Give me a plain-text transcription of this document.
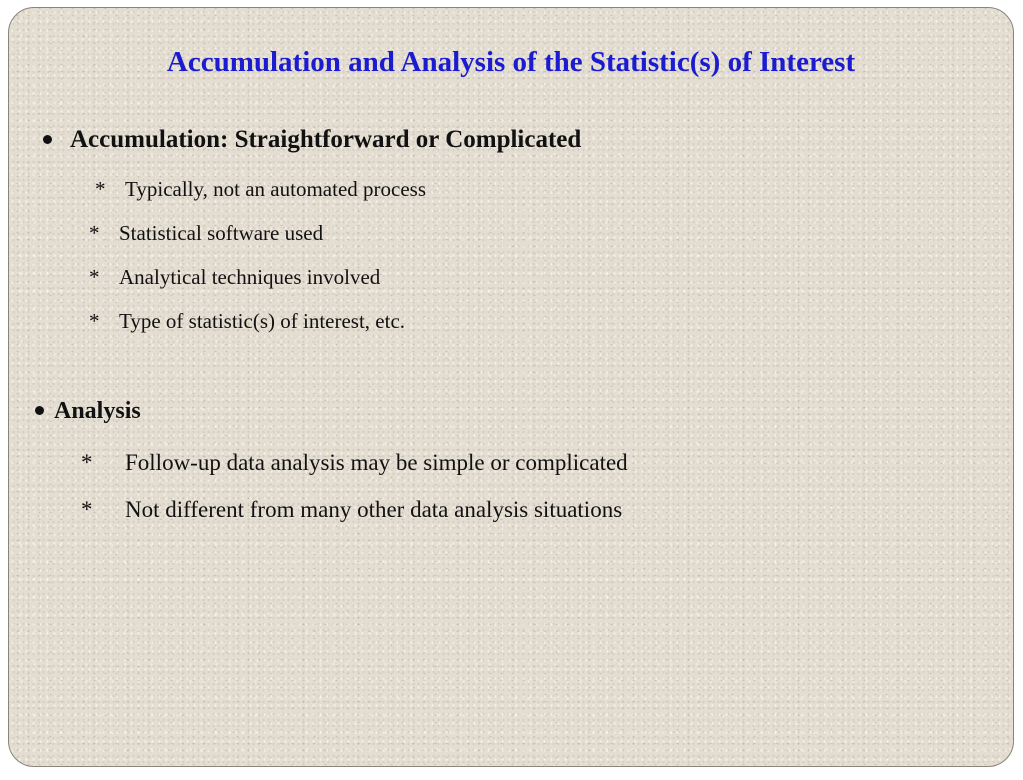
Accumulation and Analysis of the Statistic(s) of Interest
Accumulation: Straightforward or Complicated
* Typically, not an automated process
* Statistical software used
* Analytical techniques involved
* Type of statistic(s) of interest, etc.
Analysis
* Follow-up data analysis may be simple or complicated
* Not different from many other data analysis situations
